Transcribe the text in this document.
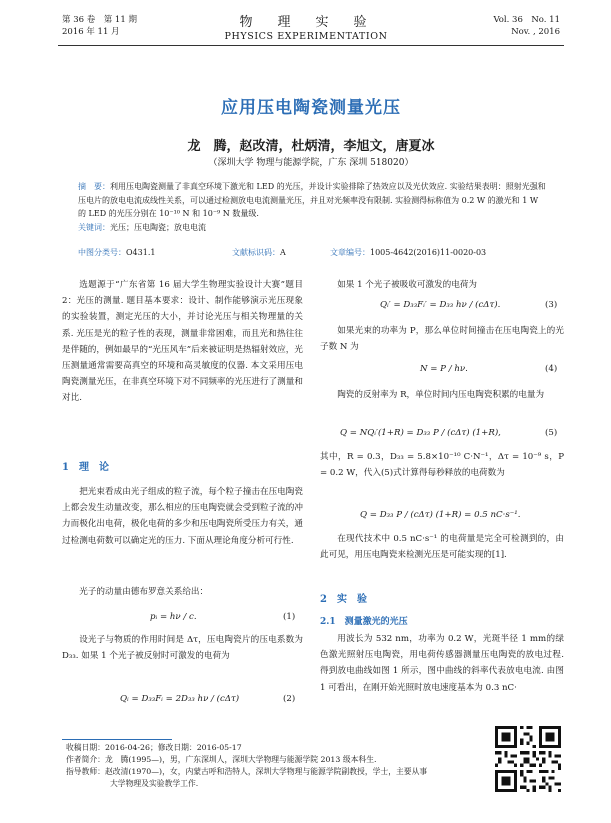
第 36 卷　第 11 期
2016 年 11 月
物　理　实　验
PHYSICS EXPERIMENTATION
Vol. 36　No. 11
Nov. , 2016
应用压电陶瓷测量光压
龙　腾，赵改清，杜炳清，李旭文，唐夏冰
（深圳大学 物理与能源学院，广东 深圳 518020）
摘　要：利用压电陶瓷测量了非真空环境下激光和 LED 的光压，并设计实验排除了热效应以及光伏效应. 实验结果表明：照射光强和压电片的放电电流成线性关系，可以通过检测放电电流测量光压，并且对光频率没有限制. 实验测得标称值为 0.2 W 的激光和 1 W 的 LED 的光压分别在 10⁻¹⁰ N 和 10⁻⁹ N 数量级.
关键词：光压；压电陶瓷；放电电流
中图分类号：O431.1	文献标识码：A	文章编号：1005-4642(2016)11-0020-03
选题源于“广东省第 16 届大学生物理实验设计大赛”题目 2：光压的测量. 题目基本要求：设计、制作能够演示光压现象的实验装置，测定光压的大小，并讨论光压与相关物理量的关系. 光压是光的粒子性的表现，测量非常困难，而且光和热往往是伴随的，例如最早的“光压风车”后来被证明是热辐射效应，光压测量通常需要高真空的环境和高灵敏度的仪器. 本文采用压电陶瓷测量光压，在非真空环境下对不同频率的光压进行了测量和对比.
1　理　论
把光束看成由光子组成的粒子流，每个粒子撞击在压电陶瓷上都会发生动量改变，那么相应的压电陶瓷就会受到粒子流的冲力而极化出电荷，极化电荷的多少和压电陶瓷所受压力有关，通过检测电荷数可以确定光的压力. 下面从理论角度分析可行性.
光子的动量由德布罗意关系给出：
pᵢ = hν / c.	(1)
设光子与物质的作用时间是 Δτ，压电陶瓷片的压电系数为 D₃₃. 如果 1 个光子被反射时可激发的电荷为
Qᵢ = D₃₃Fᵢ = 2D₃₃ hν / (cΔτ)	(2)
如果 1 个光子被吸收可激发的电荷为
Qᵢ′ = D₃₃Fᵢ′ = D₃₃ hν / (cΔτ).	(3)
如果光束的功率为 P，那么单位时间撞击在压电陶瓷上的光子数 N 为
N = P / hν.	(4)
陶瓷的反射率为 R，单位时间内压电陶瓷积累的电量为
Q = NQᵢ′(1+R) = D₃₃ P / (cΔτ) (1+R),	(5)
其中，R = 0.3，D₃₃ = 5.8×10⁻¹⁰ C·N⁻¹，Δτ = 10⁻⁹ s，P = 0.2 W，代入(5)式计算得每秒释放的电荷数为
Q = D₃₃ P / (cΔτ) (1+R) = 0.5 nC·s⁻¹.
在现代技术中 0.5 nC·s⁻¹ 的电荷量是完全可检测到的，由此可见，用压电陶瓷来检测光压是可能实现的[1].
2　实　验
2.1　测量激光的光压
用波长为 532 nm，功率为 0.2 W，光斑半径 1 mm的绿色激光照射压电陶瓷，用电荷传感器测量压电陶瓷的放电过程. 得到放电曲线如图 1 所示，图中曲线的斜率代表放电电流. 由图 1 可看出，在刚开始光照时放电速度基本为 0.3 nC·
收稿日期：2016-04-26；修改日期：2016-05-17
作者简介：龙　腾(1995—)，男，广东深圳人，深圳大学物理与能源学院 2013 级本科生.
指导教师：赵改清(1970—)，女，内蒙古呼和浩特人，深圳大学物理与能源学院副教授，学士，主要从事
大学物理及实验教学工作.
